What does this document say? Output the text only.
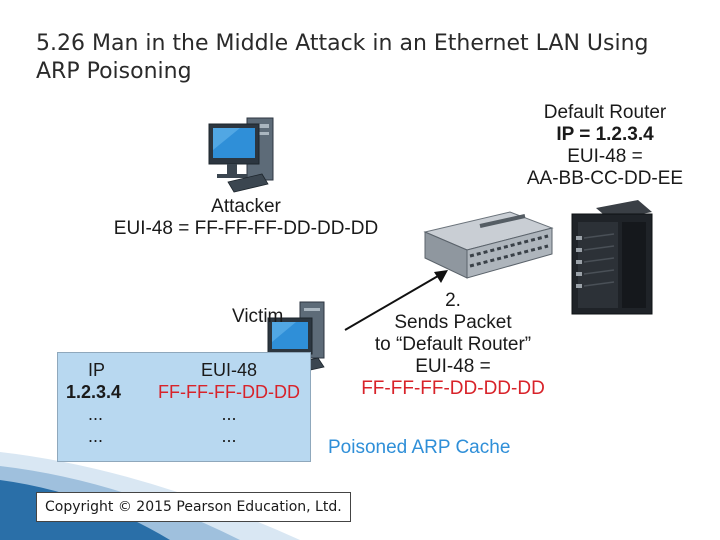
5.26 Man in the Middle Attack in an Ethernet LAN Using ARP Poisoning
Default Router
IP = 1.2.3.4
EUI-48 =
AA-BB-CC-DD-EE
Attacker
EUI-48 = FF-FF-FF-DD-DD-DD
Victim
2.
Sends Packet
to “Default Router”
EUI-48 =
FF-FF-FF-DD-DD-DD
IP	EUI-48
1.2.3.4	FF-FF-FF-DD-DD
...	...
...	...
Poisoned ARP Cache
Copyright © 2015 Pearson Education, Ltd.
